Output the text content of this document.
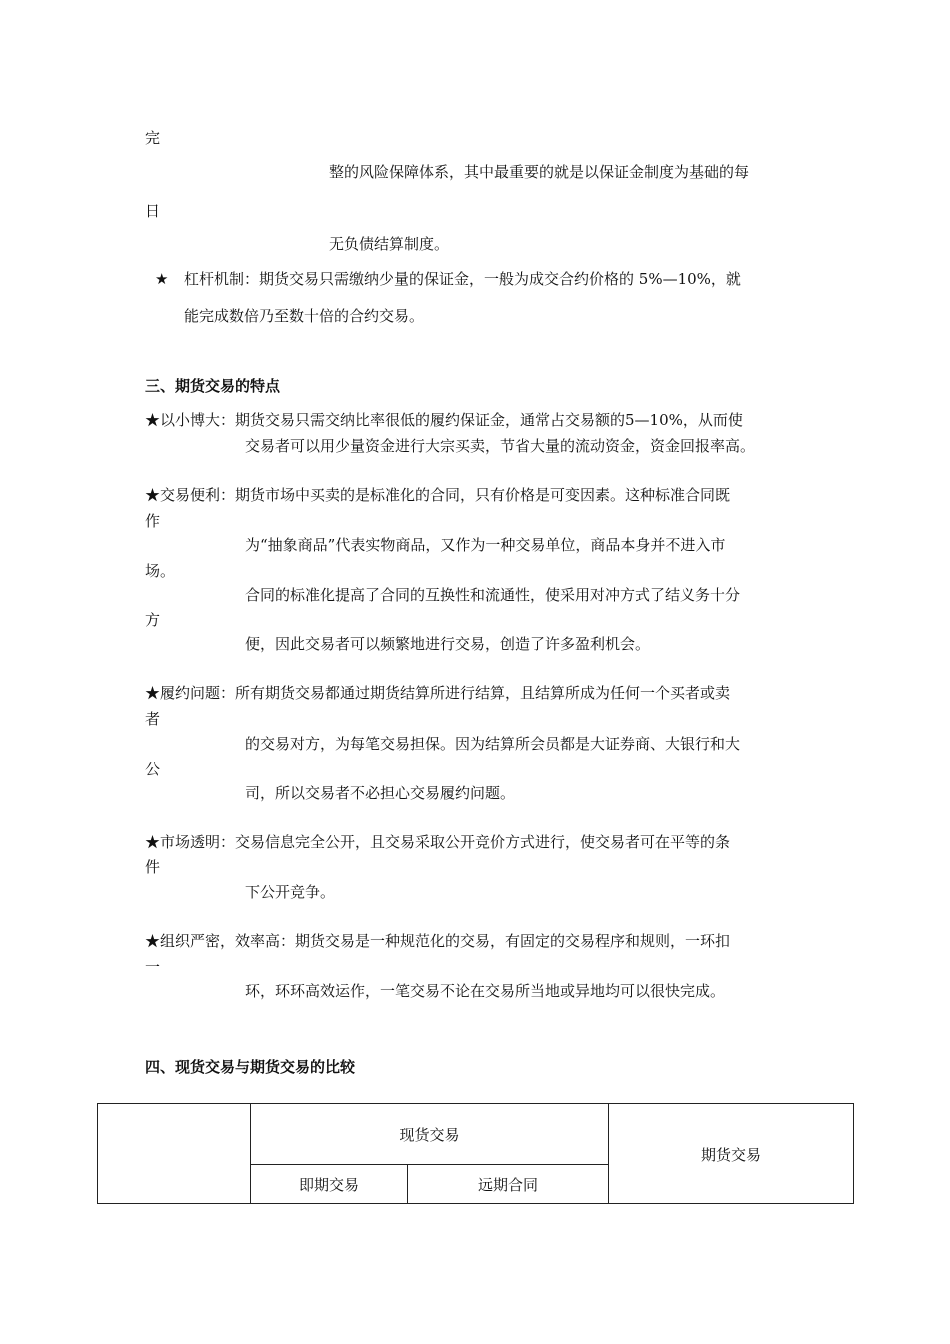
完
整的风险保障体系，其中最重要的就是以保证金制度为基础的每
日
无负债结算制度。
★ 杠杆机制：期货交易只需缴纳少量的保证金，一般为成交合约价格的 5%—10%，就
能完成数倍乃至数十倍的合约交易。
三、期货交易的特点
★以小博大：期货交易只需交纳比率很低的履约保证金，通常占交易额的5—10%，从而使
交易者可以用少量资金进行大宗买卖，节省大量的流动资金，资金回报率高。
★交易便利：期货市场中买卖的是标准化的合同，只有价格是可变因素。这种标准合同既
作
为“抽象商品”代表实物商品，又作为一种交易单位，商品本身并不进入市
场。
合同的标准化提高了合同的互换性和流通性，使采用对冲方式了结义务十分
方
便，因此交易者可以频繁地进行交易，创造了许多盈利机会。
★履约问题：所有期货交易都通过期货结算所进行结算，且结算所成为任何一个买者或卖
者
的交易对方，为每笔交易担保。因为结算所会员都是大证券商、大银行和大
公
司，所以交易者不必担心交易履约问题。
★市场透明：交易信息完全公开，且交易采取公开竞价方式进行，使交易者可在平等的条
件
下公开竞争。
★组织严密，效率高：期货交易是一种规范化的交易，有固定的交易程序和规则，一环扣
一
环，环环高效运作，一笔交易不论在交易所当地或异地均可以很快完成。
四、现货交易与期货交易的比较
现货交易
期货交易
即期交易	远期合同
